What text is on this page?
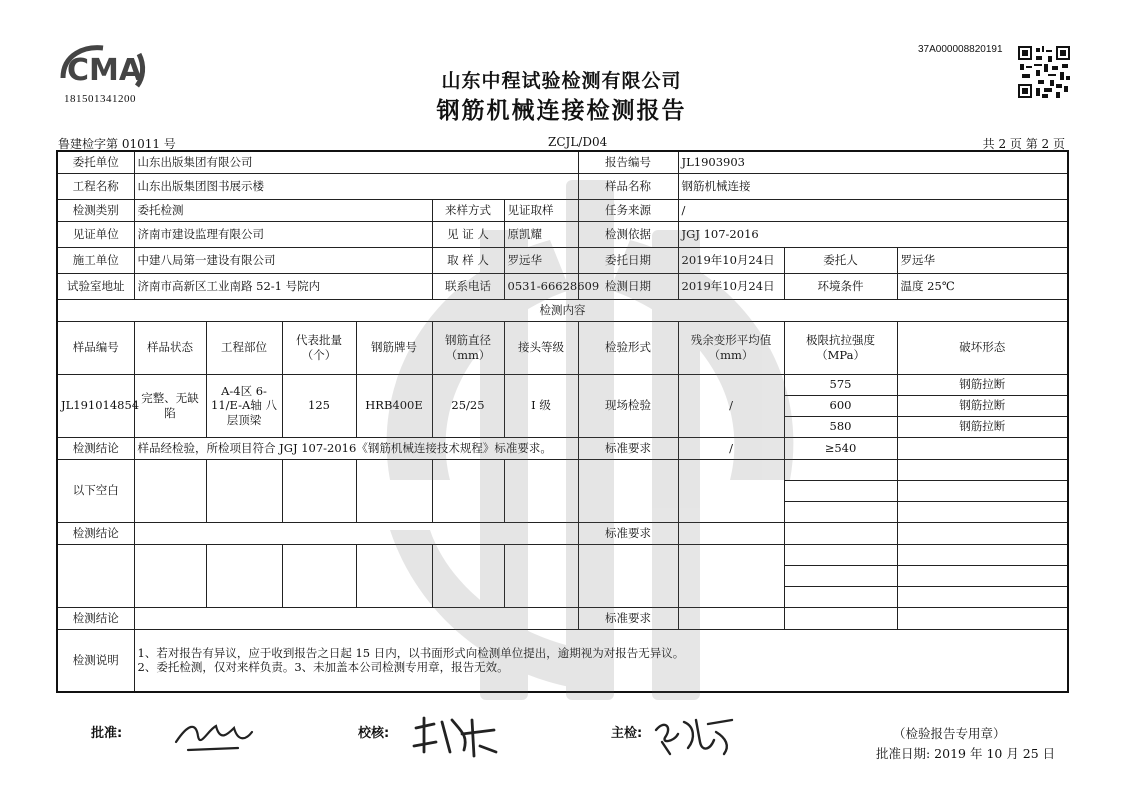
CMA
181501341200
37A000008820191
山东中程试验检测有限公司
钢筋机械连接检测报告
鲁建检字第 01011 号	ZCJL/D04	共 2 页 第 2 页
委托单位	山东出版集团有限公司						报告编号	JL1903903		
工程名称	山东出版集团图书展示楼						样品名称	钢筋机械连接		
检测类别	委托检测				来样方式	见证取样	任务来源	/		
见证单位	济南市建设监理有限公司				见 证 人	原凯耀	检测依据	JGJ 107-2016		
施工单位	中建八局第一建设有限公司				取 样 人	罗远华	委托日期	2019年10月24日	委托人	罗远华
试验室地址	济南市高新区工业南路 52-1 号院内				联系电话	0531-66628609	检测日期	2019年10月24日	环境条件	温度 25℃
检测内容										
样品编号	样品状态	工程部位	代表批量（个）	钢筋牌号	钢筋直径（mm）	接头等级	检验形式	残余变形平均值（mm）	极限抗拉强度（MPa）	破坏形态
JL191014854	完整、无缺陷	A-4区 6-11/E-A轴 八层顶梁	125	HRB400E	25/25	I 级	现场检验	/	575	钢筋拉断
									600	钢筋拉断
									580	钢筋拉断
检测结论	样品经检验，所检项目符合 JGJ 107-2016《钢筋机械连接技术规程》标准要求。						标准要求	/	≥540	
以下空白										

检测结论							标准要求			

检测结论							标准要求			
检测说明	1、若对报告有异议，应于收到报告之日起 15 日内，以书面形式向检测单位提出，逾期视为对报告无异议。
2、委托检测，仅对来样负责。3、未加盖本公司检测专用章，报告无效。									
批准:	校核:	主检:	（检验报告专用章）
批准日期: 2019 年 10 月 25 日
